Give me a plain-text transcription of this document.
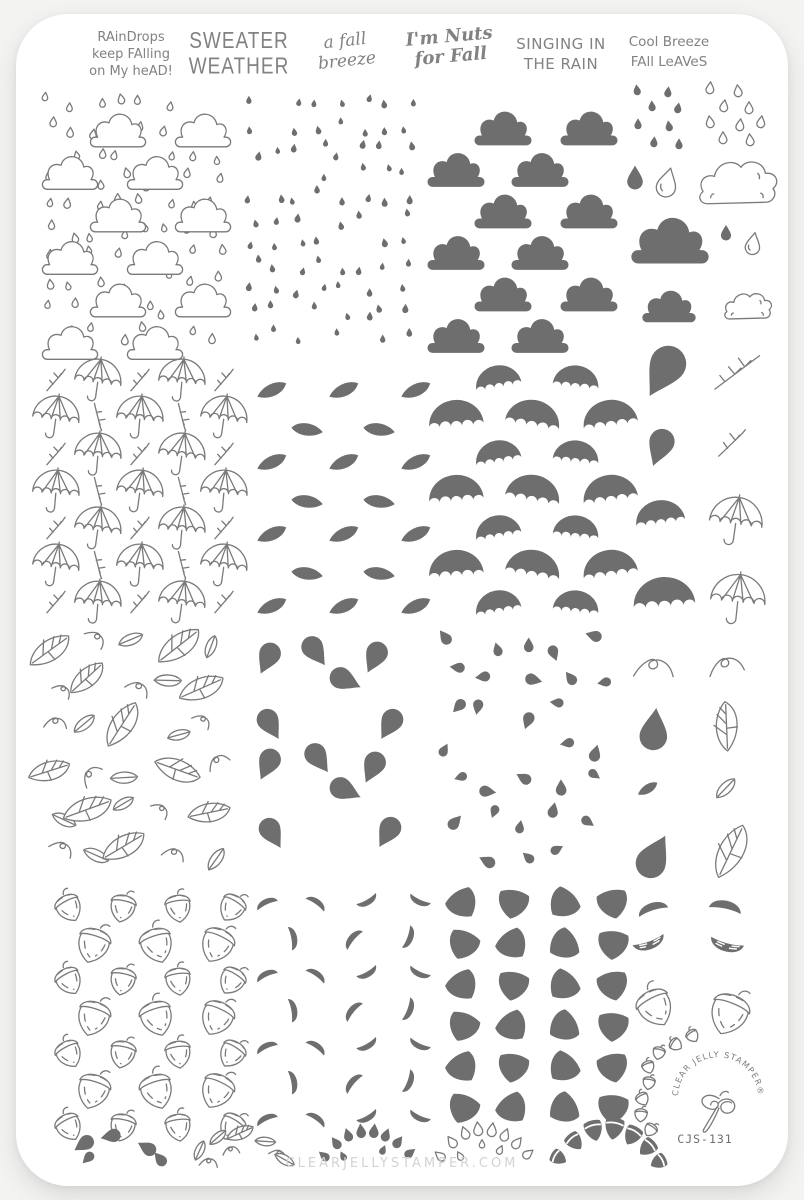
RAinDrops
keep FAlling
on My heAD!
SWEATER
WEATHER
a fall
breeze
I'm Nuts
for Fall	SINGING IN
THE RAIN
Cool Breeze
FAll LeAVeS
CLEAR JELLY STAMPER®
CJS-131
CLEARJELLYSTAMPER.COM
